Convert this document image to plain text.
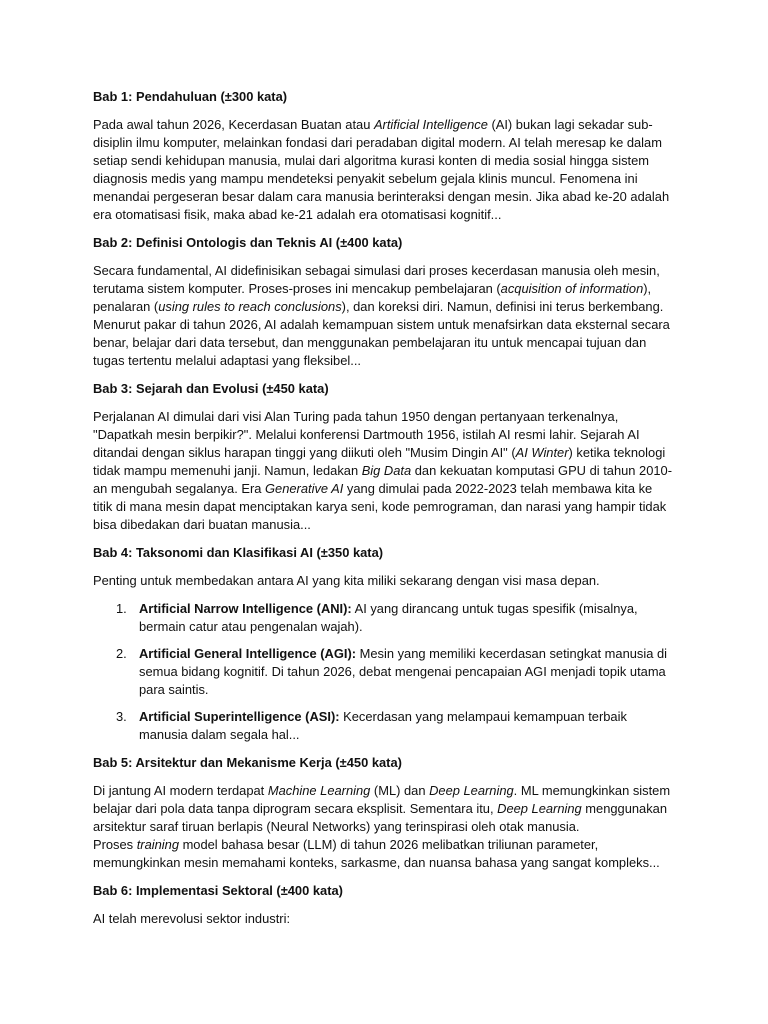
Bab 1: Pendahuluan (±300 kata)

Pada awal tahun 2026, Kecerdasan Buatan atau Artificial Intelligence (AI) bukan lagi sekadar sub-disiplin ilmu komputer, melainkan fondasi dari peradaban digital modern. AI telah meresap ke dalam setiap sendi kehidupan manusia, mulai dari algoritma kurasi konten di media sosial hingga sistem diagnosis medis yang mampu mendeteksi penyakit sebelum gejala klinis muncul. Fenomena ini menandai pergeseran besar dalam cara manusia berinteraksi dengan mesin. Jika abad ke-20 adalah era otomatisasi fisik, maka abad ke-21 adalah era otomatisasi kognitif...

Bab 2: Definisi Ontologis dan Teknis AI (±400 kata)

Secara fundamental, AI didefinisikan sebagai simulasi dari proses kecerdasan manusia oleh mesin, terutama sistem komputer. Proses-proses ini mencakup pembelajaran (acquisition of information), penalaran (using rules to reach conclusions), dan koreksi diri. Namun, definisi ini terus berkembang. Menurut pakar di tahun 2026, AI adalah kemampuan sistem untuk menafsirkan data eksternal secara benar, belajar dari data tersebut, dan menggunakan pembelajaran itu untuk mencapai tujuan dan tugas tertentu melalui adaptasi yang fleksibel...

Bab 3: Sejarah dan Evolusi (±450 kata)

Perjalanan AI dimulai dari visi Alan Turing pada tahun 1950 dengan pertanyaan terkenalnya, "Dapatkah mesin berpikir?". Melalui konferensi Dartmouth 1956, istilah AI resmi lahir. Sejarah AI ditandai dengan siklus harapan tinggi yang diikuti oleh "Musim Dingin AI" (AI Winter) ketika teknologi tidak mampu memenuhi janji. Namun, ledakan Big Data dan kekuatan komputasi GPU di tahun 2010-an mengubah segalanya. Era Generative AI yang dimulai pada 2022-2023 telah membawa kita ke titik di mana mesin dapat menciptakan karya seni, kode pemrograman, dan narasi yang hampir tidak bisa dibedakan dari buatan manusia...

Bab 4: Taksonomi dan Klasifikasi AI (±350 kata)

Penting untuk membedakan antara AI yang kita miliki sekarang dengan visi masa depan.

1. Artificial Narrow Intelligence (ANI): AI yang dirancang untuk tugas spesifik (misalnya, bermain catur atau pengenalan wajah).
2. Artificial General Intelligence (AGI): Mesin yang memiliki kecerdasan setingkat manusia di semua bidang kognitif. Di tahun 2026, debat mengenai pencapaian AGI menjadi topik utama para saintis.
3. Artificial Superintelligence (ASI): Kecerdasan yang melampaui kemampuan terbaik manusia dalam segala hal...
Bab 5: Arsitektur dan Mekanisme Kerja (±450 kata)

Di jantung AI modern terdapat Machine Learning (ML) dan Deep Learning. ML memungkinkan sistem belajar dari pola data tanpa diprogram secara eksplisit. Sementara itu, Deep Learning menggunakan arsitektur saraf tiruan berlapis (Neural Networks) yang terinspirasi oleh otak manusia.
Proses training model bahasa besar (LLM) di tahun 2026 melibatkan triliunan parameter, memungkinkan mesin memahami konteks, sarkasme, dan nuansa bahasa yang sangat kompleks...

Bab 6: Implementasi Sektoral (±400 kata)

AI telah merevolusi sektor industri:
